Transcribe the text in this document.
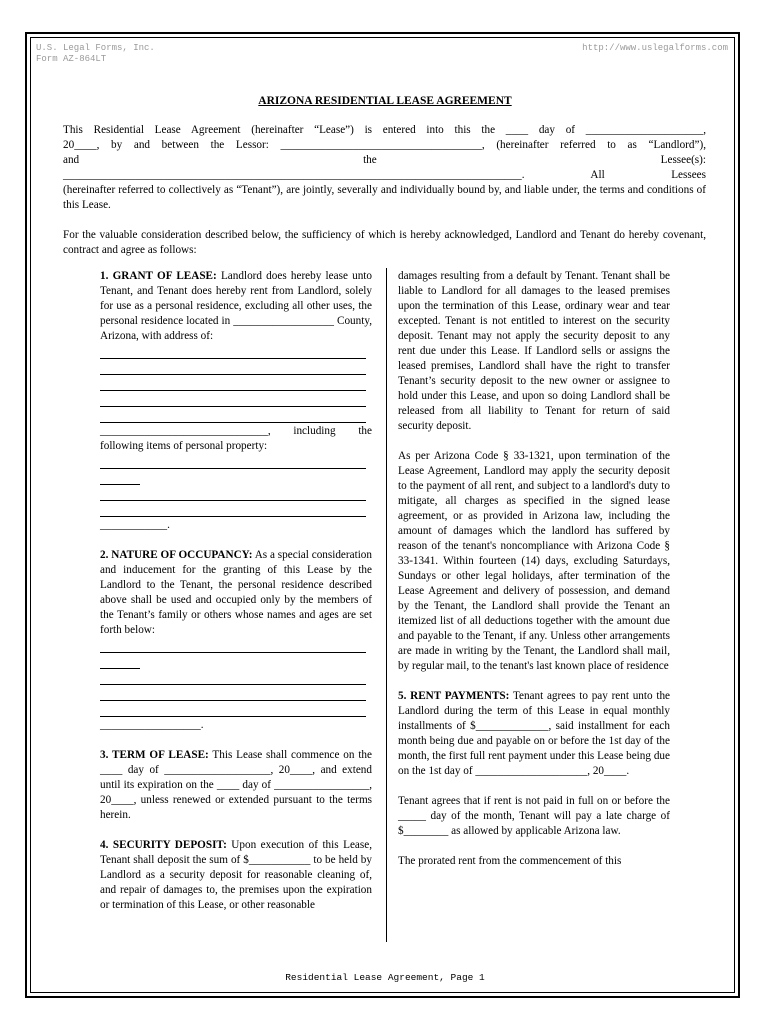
U.S. Legal Forms, Inc.
Form AZ-864LT
http://www.uslegalforms.com
ARIZONA RESIDENTIAL LEASE AGREEMENT

This Residential Lease Agreement (hereinafter “Lease”) is entered into this the ____ day of _____________________,
20____, by and between the Lessor: ____________________________________, (hereinafter referred to as “Landlord”),
and the Lessee(s):
__________________________________________________________________________________. All Lessees
(hereinafter referred to collectively as “Tenant”), are jointly, severally and individually bound by, and liable under, the terms and conditions of this Lease.

For the valuable consideration described below, the sufficiency of which is hereby acknowledged, Landlord and Tenant do hereby covenant, contract and agree as follows:

1. GRANT OF LEASE: Landlord does hereby lease unto Tenant, and Tenant does hereby rent from Landlord, solely for use as a personal residence, excluding all other uses, the personal residence located in __________________ County, Arizona, with address of:
______________________________, including the following items of personal property:
____________.

2. NATURE OF OCCUPANCY: As a special consideration and inducement for the granting of this Lease by the Landlord to the Tenant, the personal residence described above shall be used and occupied only by the members of the Tenant’s family or others whose names and ages are set forth below:
__________________.

3. TERM OF LEASE: This Lease shall commence on the ____ day of ___________________, 20____, and extend until its expiration on the ____ day of _________________, 20____, unless renewed or extended pursuant to the terms herein.

4. SECURITY DEPOSIT: Upon execution of this Lease, Tenant shall deposit the sum of $___________ to be held by Landlord as a security deposit for reasonable cleaning of, and repair of damages to, the premises upon the expiration or termination of this Lease, or other reasonable

damages resulting from a default by Tenant. Tenant shall be liable to Landlord for all damages to the leased premises upon the termination of this Lease, ordinary wear and tear excepted. Tenant is not entitled to interest on the security deposit. Tenant may not apply the security deposit to any rent due under this Lease. If Landlord sells or assigns the leased premises, Landlord shall have the right to transfer Tenant’s security deposit to the new owner or assignee to hold under this Lease, and upon so doing Landlord shall be released from all liability to Tenant for return of said security deposit.

As per Arizona Code § 33-1321, upon termination of the Lease Agreement, Landlord may apply the security deposit to the payment of all rent, and subject to a landlord's duty to mitigate, all charges as specified in the signed lease agreement, or as provided in Arizona law, including the amount of damages which the landlord has suffered by reason of the tenant's noncompliance with Arizona Code § 33-1341. Within fourteen (14) days, excluding Saturdays, Sundays or other legal holidays, after termination of the Lease Agreement and delivery of possession, and demand by the Tenant, the Landlord shall provide the Tenant an itemized list of all deductions together with the amount due and payable to the Tenant, if any. Unless other arrangements are made in writing by the Tenant, the Landlord shall mail, by regular mail, to the tenant's last known place of residence

5. RENT PAYMENTS: Tenant agrees to pay rent unto the Landlord during the term of this Lease in equal monthly installments of $_____________, said installment for each month being due and payable on or before the 1st day of the month, the first full rent payment under this Lease being due on the 1st day of ____________________, 20____.

Tenant agrees that if rent is not paid in full on or before the _____ day of the month, Tenant will pay a late charge of $________ as allowed by applicable Arizona law.

The prorated rent from the commencement of this

Residential Lease Agreement, Page 1
